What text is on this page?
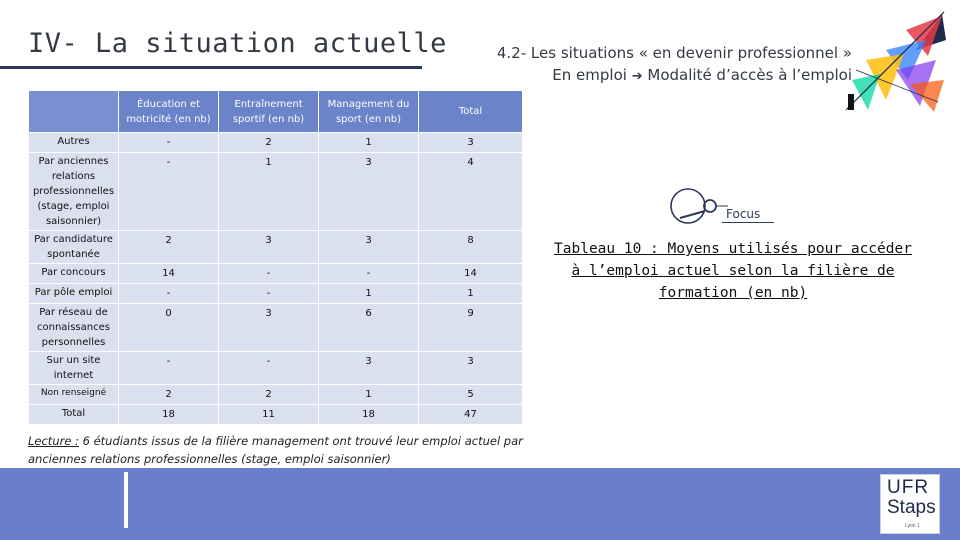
IV- La situation actuelle	4.2- Les situations « en devenir professionnel »
En emploi ➔ Modalité d’accès à l’emploi
	Éducation et motricité (en nb)	Entraînement sportif (en nb)	Management du sport (en nb)	Total
Autres	-	2	1	3
Par anciennes relations professionnelles (stage, emploi saisonnier)	-	1	3	4
Par candidature spontanée	2	3	3	8
Par concours	14	-	-	14
Par pôle emploi	-	-	1	1
Par réseau de connaissances personnelles	0	3	6	9
Sur un site internet	-	-	3	3
Non renseigné	2	2	1	5
Total	18	11	18	47
Lecture : 6 étudiants issus de la filière management ont trouvé leur emploi actuel par anciennes relations professionnelles (stage, emploi saisonnier)
Focus
Tableau 10 : Moyens utilisés pour accéder à l’emploi actuel selon la filière de formation (en nb)
UFR
Staps
Lyon 1
